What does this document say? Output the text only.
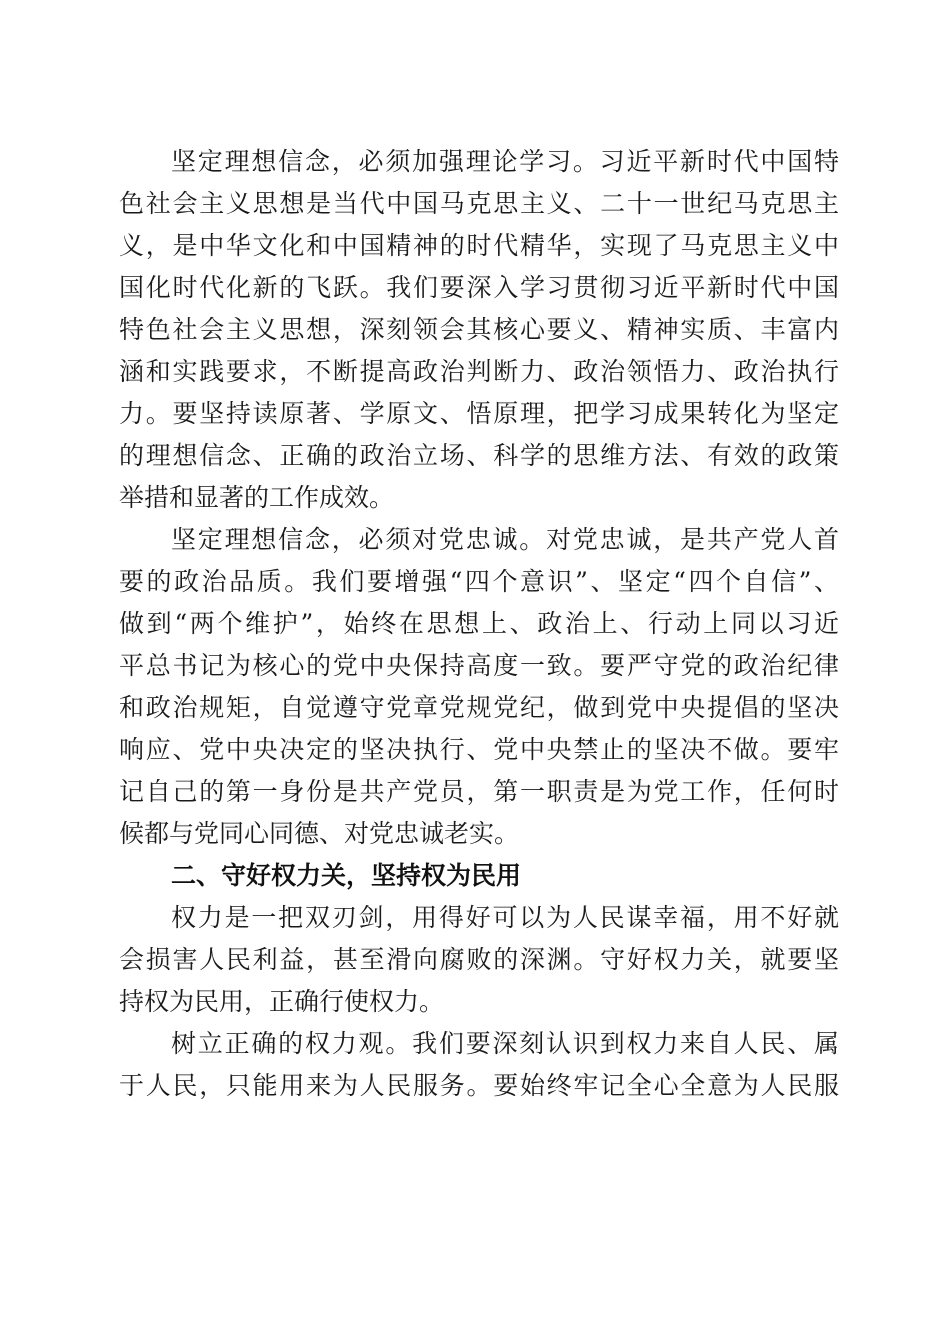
坚定理想信念，必须加强理论学习。习近平新时代中国特
色社会主义思想是当代中国马克思主义、二十一世纪马克思主
义，是中华文化和中国精神的时代精华，实现了马克思主义中
国化时代化新的飞跃。我们要深入学习贯彻习近平新时代中国
特色社会主义思想，深刻领会其核心要义、精神实质、丰富内
涵和实践要求，不断提高政治判断力、政治领悟力、政治执行
力。要坚持读原著、学原文、悟原理，把学习成果转化为坚定
的理想信念、正确的政治立场、科学的思维方法、有效的政策
举措和显著的工作成效。
坚定理想信念，必须对党忠诚。对党忠诚，是共产党人首
要的政治品质。我们要增强“四个意识”、坚定“四个自信”、
做到“两个维护”，始终在思想上、政治上、行动上同以习近
平总书记为核心的党中央保持高度一致。要严守党的政治纪律
和政治规矩，自觉遵守党章党规党纪，做到党中央提倡的坚决
响应、党中央决定的坚决执行、党中央禁止的坚决不做。要牢
记自己的第一身份是共产党员，第一职责是为党工作，任何时
候都与党同心同德、对党忠诚老实。
二、守好权力关，坚持权为民用
权力是一把双刃剑，用得好可以为人民谋幸福，用不好就
会损害人民利益，甚至滑向腐败的深渊。守好权力关，就要坚
持权为民用，正确行使权力。
树立正确的权力观。我们要深刻认识到权力来自人民、属
于人民，只能用来为人民服务。要始终牢记全心全意为人民服
